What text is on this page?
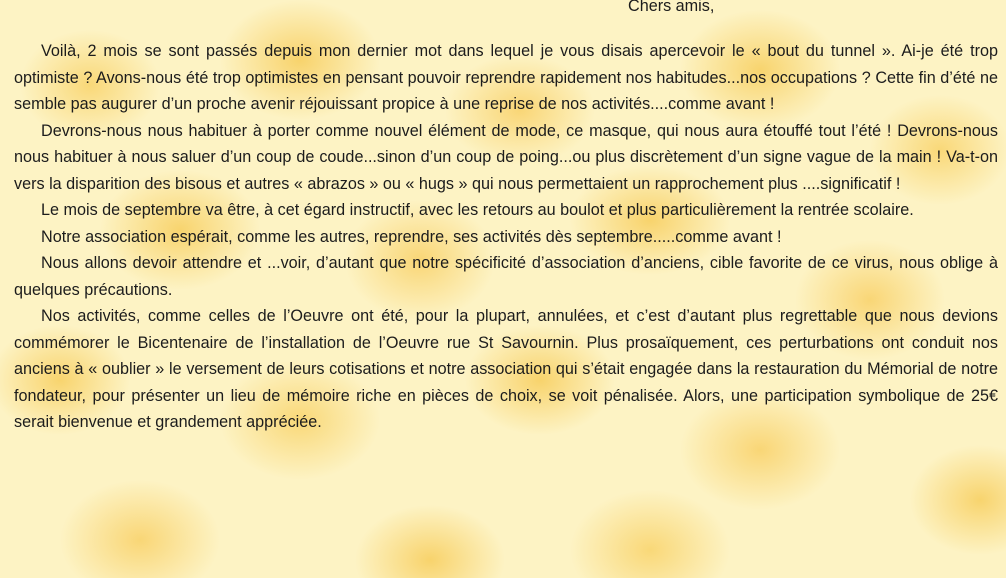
Chers amis,

Voilà, 2 mois se sont passés depuis mon dernier mot dans lequel je vous disais apercevoir le « bout du tunnel ». Ai-je été trop optimiste ? Avons-nous été trop optimistes en pensant pouvoir reprendre rapidement nos habitudes...nos occupations ? Cette fin d’été ne semble pas augurer d’un proche avenir réjouissant propice à une reprise de nos activités....comme avant !

Devrons-nous nous habituer à porter comme nouvel élément de mode, ce masque, qui nous aura étouffé tout l’été ! Devrons-nous nous habituer à nous saluer d’un coup de coude...sinon d’un coup de poing...ou plus discrètement d’un signe vague de la main ! Va-t-on vers la disparition des bisous et autres « abrazos » ou « hugs » qui nous permettaient un rapprochement plus ....significatif !

Le mois de septembre va être, à cet égard instructif, avec les retours au boulot et plus particulièrement la rentrée scolaire.

Notre association espérait, comme les autres, reprendre, ses activités dès septembre.....comme avant !

Nous allons devoir attendre et ...voir, d’autant que notre spécificité d’association d’anciens, cible favorite de ce virus, nous oblige à quelques précautions.

Nos activités, comme celles de l’Oeuvre ont été, pour la plupart, annulées, et c’est d’autant plus regrettable que nous devions commémorer le Bicentenaire de l’installation de l’Oeuvre rue St Savournin. Plus prosaïquement, ces perturbations ont conduit nos anciens à « oublier » le versement de leurs cotisations et notre association qui s’était engagée dans la restauration du Mémorial de notre fondateur, pour présenter un lieu de mémoire riche en pièces de choix, se voit pénalisée. Alors, une participation symbolique de 25€ serait bienvenue et grandement appréciée.
